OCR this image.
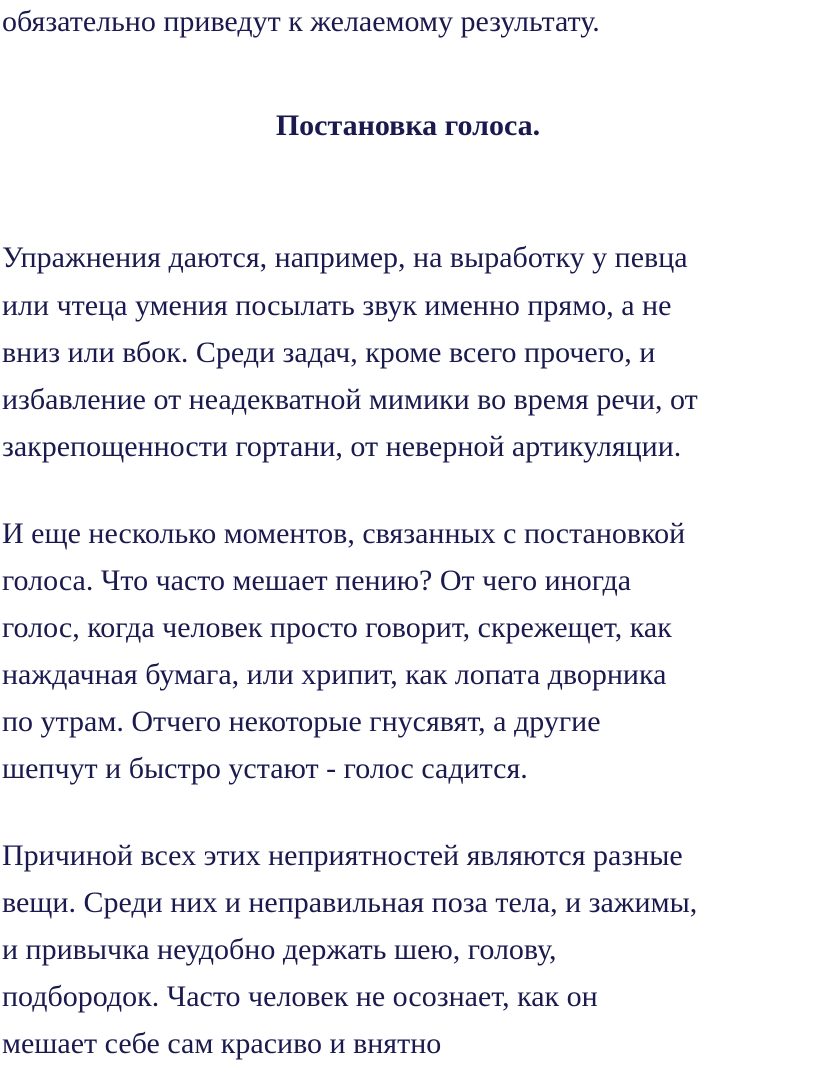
обязательно приведут к желаемому результату.
Постановка голоса.
Упражнения даются, например, на выработку у певца
или чтеца умения посылать звук именно прямо, а не
вниз или вбок. Среди задач, кроме всего прочего, и
избавление от неадекватной мимики во время речи, от
закрепощенности гортани, от неверной артикуляции.
И еще несколько моментов, связанных с постановкой
голоса. Что часто мешает пению? От чего иногда
голос, когда человек просто говорит, скрежещет, как
наждачная бумага, или хрипит, как лопата дворника
по утрам. Отчего некоторые гнусявят, а другие
шепчут и быстро устают - голос садится.
Причиной всех этих неприятностей являются разные
вещи. Среди них и неправильная поза тела, и зажимы,
и привычка неудобно держать шею, голову,
подбородок. Часто человек не осознает, как он
мешает себе сам красиво и внятно
